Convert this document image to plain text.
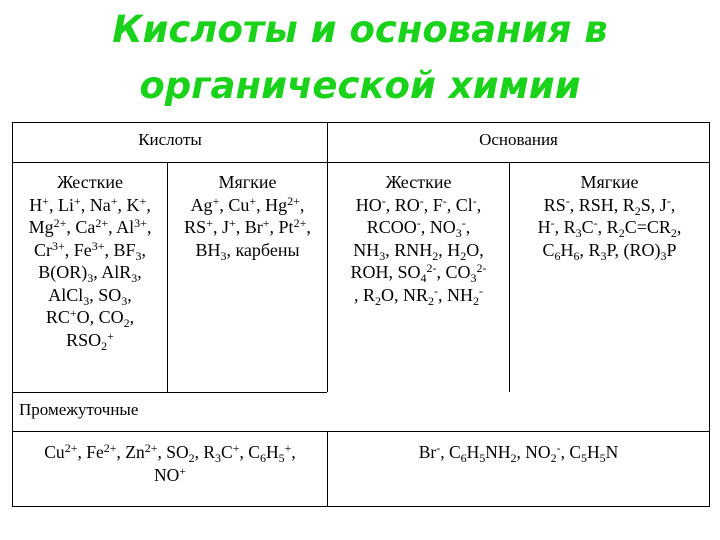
Кислоты и основания в
органической химии
Кислоты	Основания
Жесткие
H+, Li+, Na+, K+,
$Mg^{2+}$, $Ca^{2+}$, $Al^{3+}$,
$Cr^{3+}$, $Fe^{3+}$, $BF_3$,
$B(OR)_3$, AlR$_3$,
AlCl$_3$, $SO_3$,
RC+O, $CO_2$,
$RSO_2^+$
Мягкие
Ag+, Cu+, $Hg^{2+}$,
RS+, J+, Br+, $Pt^{2+}$,
$BH_3$, карбены
Жесткие
HO-, RO-, F-, Cl-,
RCOO-, $NO_3^-$,
$NH_3$, $RNH_2$, $H_2O$,
ROH, $SO_4^{2-}$, $CO_3^{2-}$
, $R_2O$, $NR_2^-$, $NH_2^-$
Мягкие
RS-, RSH, $R_2S$, J-,
H-, $R_3C^-$, $R_2C=CR_2$,
$C_6H_6$, $R_3P$, $(RO)_3P$
Промежуточные
$Cu^{2+}$, $Fe^{2+}$, $Zn^{2+}$, $SO_2$, $R_3C^+$, $C_6H_5^+$,
NO+
Br-, $C_6H_5NH_2$, $NO_2^-$, $C_5H_5N$
